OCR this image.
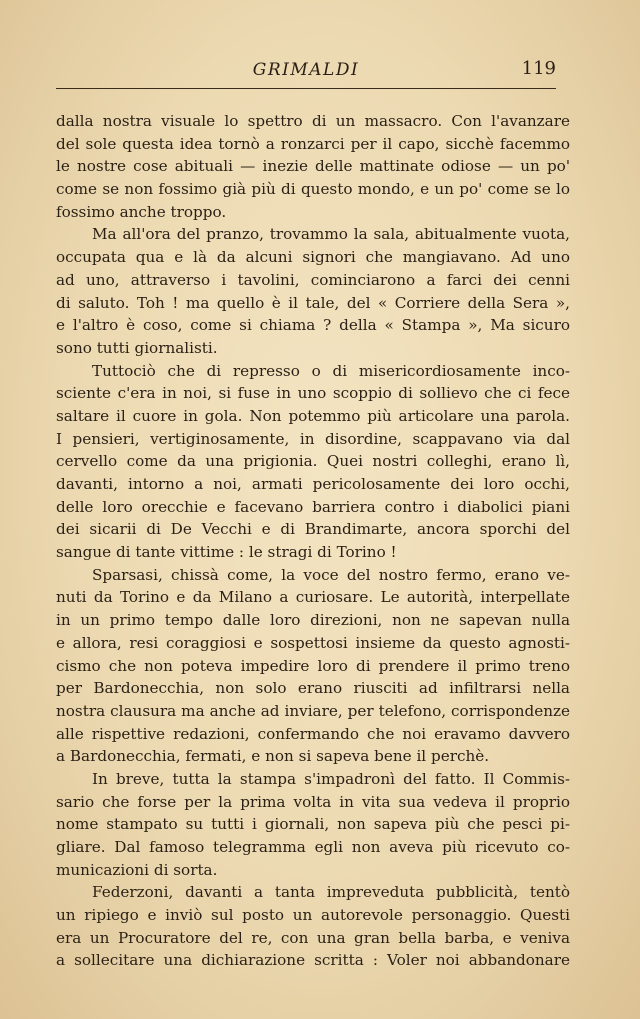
GRIMALDI	119
dalla nostra visuale lo spettro di un massacro. Con l'avanzare
del sole questa idea tornò a ronzarci per il capo, sicchè facemmo
le nostre cose abituali — inezie delle mattinate odiose — un po'
come se non fossimo già più di questo mondo, e un po' come se lo
fossimo anche troppo.
Ma all'ora del pranzo, trovammo la sala, abitualmente vuota,
occupata qua e là da alcuni signori che mangiavano. Ad uno
ad uno, attraverso i tavolini, cominciarono a farci dei cenni
di saluto. Toh ! ma quello è il tale, del « Corriere della Sera »,
e l'altro è coso, come si chiama ? della « Stampa », Ma sicuro
sono tutti giornalisti.
Tuttociò che di represso o di misericordiosamente inco-
sciente c'era in noi, si fuse in uno scoppio di sollievo che ci fece
saltare il cuore in gola. Non potemmo più articolare una parola.
I pensieri, vertiginosamente, in disordine, scappavano via dal
cervello come da una prigionia. Quei nostri colleghi, erano lì,
davanti, intorno a noi, armati pericolosamente dei loro occhi,
delle loro orecchie e facevano barriera contro i diabolici piani
dei sicarii di De Vecchi e di Brandimarte, ancora sporchi del
sangue di tante vittime : le stragi di Torino !
Sparsasi, chissà come, la voce del nostro fermo, erano ve-
nuti da Torino e da Milano a curiosare. Le autorità, interpellate
in un primo tempo dalle loro direzioni, non ne sapevan nulla
e allora, resi coraggiosi e sospettosi insieme da questo agnosti-
cismo che non poteva impedire loro di prendere il primo treno
per Bardonecchia, non solo erano riusciti ad infiltrarsi nella
nostra clausura ma anche ad inviare, per telefono, corrispondenze
alle rispettive redazioni, confermando che noi eravamo davvero
a Bardonecchia, fermati, e non si sapeva bene il perchè.
In breve, tutta la stampa s'impadronì del fatto. Il Commis-
sario che forse per la prima volta in vita sua vedeva il proprio
nome stampato su tutti i giornali, non sapeva più che pesci pi-
gliare. Dal famoso telegramma egli non aveva più ricevuto co-
municazioni di sorta.
Federzoni, davanti a tanta impreveduta pubblicità, tentò
un ripiego e inviò sul posto un autorevole personaggio. Questi
era un Procuratore del re, con una gran bella barba, e veniva
a sollecitare una dichiarazione scritta : Voler noi abbandonare
